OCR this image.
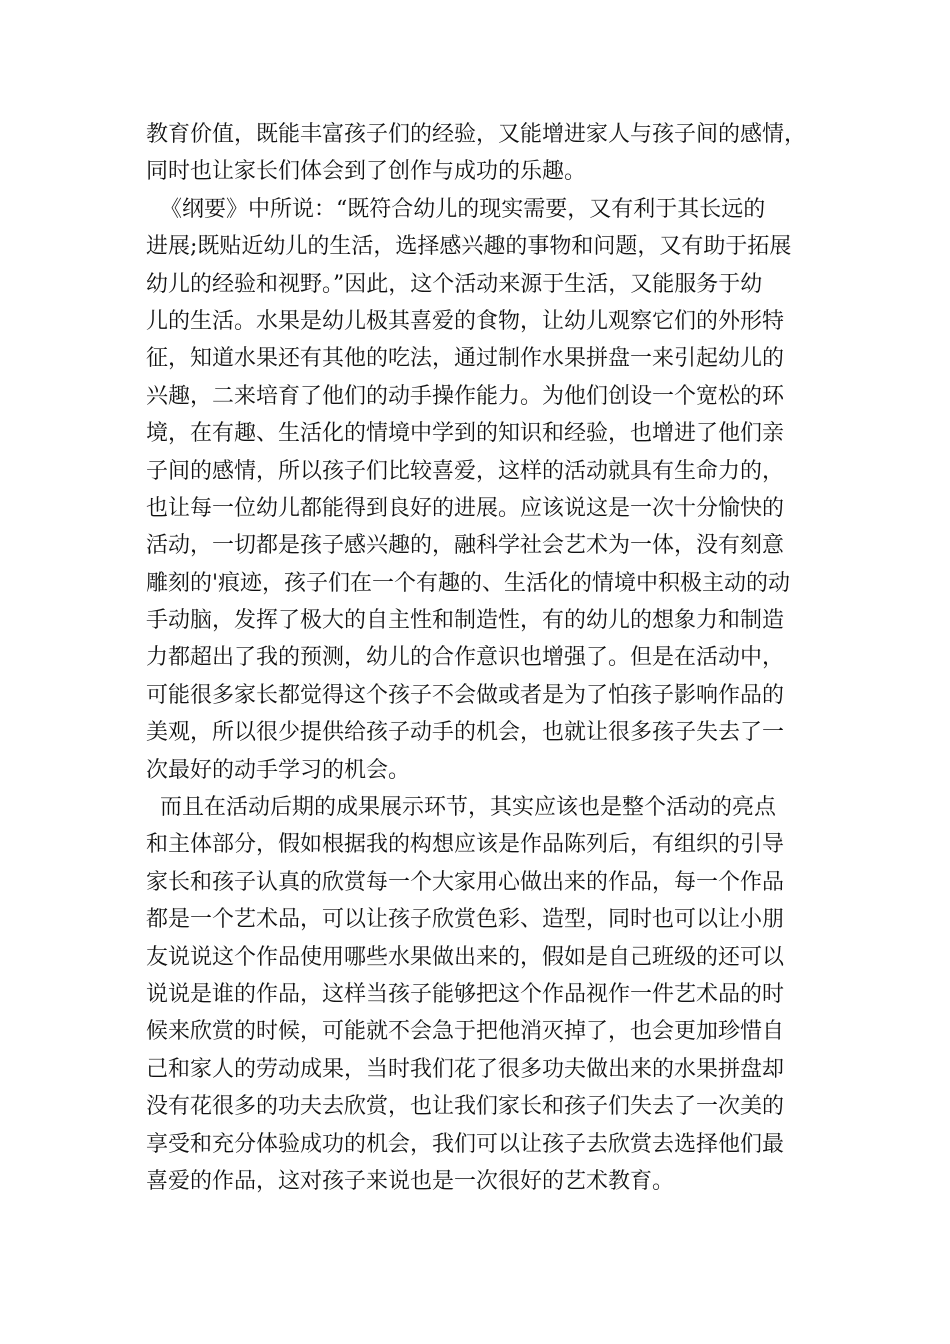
教育价值，既能丰富孩子们的经验，又能增进家人与孩子间的感情，
同时也让家长们体会到了创作与成功的乐趣。
《纲要》中所说：“既符合幼儿的现实需要，又有利于其长远的
进展;既贴近幼儿的生活，选择感兴趣的事物和问题，又有助于拓展
幼儿的经验和视野。”因此，这个活动来源于生活，又能服务于幼
儿的生活。水果是幼儿极其喜爱的食物，让幼儿观察它们的外形特
征，知道水果还有其他的吃法，通过制作水果拼盘一来引起幼儿的
兴趣，二来培育了他们的动手操作能力。为他们创设一个宽松的环
境，在有趣、生活化的情境中学到的知识和经验，也增进了他们亲
子间的感情，所以孩子们比较喜爱，这样的活动就具有生命力的，
也让每一位幼儿都能得到良好的进展。应该说这是一次十分愉快的
活动，一切都是孩子感兴趣的，融科学社会艺术为一体，没有刻意
雕刻的'痕迹，孩子们在一个有趣的、生活化的情境中积极主动的动
手动脑，发挥了极大的自主性和制造性，有的幼儿的想象力和制造
力都超出了我的预测，幼儿的合作意识也增强了。但是在活动中，
可能很多家长都觉得这个孩子不会做或者是为了怕孩子影响作品的
美观，所以很少提供给孩子动手的机会，也就让很多孩子失去了一
次最好的动手学习的机会。
而且在活动后期的成果展示环节，其实应该也是整个活动的亮点
和主体部分，假如根据我的构想应该是作品陈列后，有组织的引导
家长和孩子认真的欣赏每一个大家用心做出来的作品，每一个作品
都是一个艺术品，可以让孩子欣赏色彩、造型，同时也可以让小朋
友说说这个作品使用哪些水果做出来的，假如是自己班级的还可以
说说是谁的作品，这样当孩子能够把这个作品视作一件艺术品的时
候来欣赏的时候，可能就不会急于把他消灭掉了，也会更加珍惜自
己和家人的劳动成果，当时我们花了很多功夫做出来的水果拼盘却
没有花很多的功夫去欣赏，也让我们家长和孩子们失去了一次美的
享受和充分体验成功的机会，我们可以让孩子去欣赏去选择他们最
喜爱的作品，这对孩子来说也是一次很好的艺术教育。
